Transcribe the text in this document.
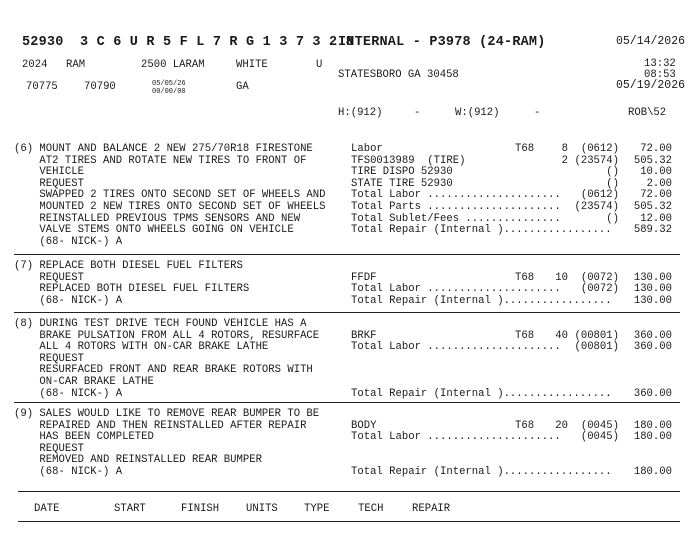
52930 3 C 6 U R 5 F L 7 R G 1 3 7 3 2 8
INTERNAL - P3978 (24-RAM)	05/14/2026
2024 RAM	2500 LARAM	WHITE	U	13:32
STATESBORO GA 30458	08:53
70775 70790	05/05/26
00/00/00	GA	05/19/2026
H:(912)	-	W:(912)	-	ROB\52
(6) MOUNT AND BALANCE 2 NEW 275/70R18 FIRESTONE
AT2 TIRES AND ROTATE NEW TIRES TO FRONT OF
VEHICLE
REQUEST
SWAPPED 2 TIRES ONTO SECOND SET OF WHEELS AND
MOUNTED 2 NEW TIRES ONTO SECOND SET OF WHEELS
REINSTALLED PREVIOUS TPMS SENSORS AND NEW
VALVE STEMS ONTO WHEELS GOING ON VEHICLE
(68- NICK-) A
Labor	T68	8	(0612)	72.00
TFS0013989  (TIRE)	2 (23574)	505.32
TIRE DISPO 52930	()	10.00
STATE TIRE 52930	()	2.00
Total Labor .....................	(0612)	72.00
Total Parts .....................	(23574)	505.32
Total Sublet/Fees ...............	()	12.00
Total Repair (Internal ).................	589.32
(7) REPLACE BOTH DIESEL FUEL FILTERS
REQUEST
REPLACED BOTH DIESEL FUEL FILTERS
(68- NICK-) A
FFDF	T68	10	(0072)	130.00
Total Labor .....................	(0072)	130.00
Total Repair (Internal ).................	130.00
(8) DURING TEST DRIVE TECH FOUND VEHICLE HAS A
BRAKE PULSATION FROM ALL 4 ROTORS, RESURFACE
ALL 4 ROTORS WITH ON-CAR BRAKE LATHE
REQUEST
RESURFACED FRONT AND REAR BRAKE ROTORS WITH
ON-CAR BRAKE LATHE
(68- NICK-) A
BRKF	T68	40 (00801)	360.00
Total Labor .....................	(00801)	360.00
Total Repair (Internal ).................	360.00
(9) SALES WOULD LIKE TO REMOVE REAR BUMPER TO BE
REPAIRED AND THEN REINSTALLED AFTER REPAIR
HAS BEEN COMPLETED
REQUEST
REMOVED AND REINSTALLED REAR BUMPER
(68- NICK-) A
BODY	T68	20	(0045)	180.00
Total Labor .....................	(0045)	180.00
Total Repair (Internal ).................	180.00
DATE	START	FINISH	UNITS TYPE	TECH	REPAIR
